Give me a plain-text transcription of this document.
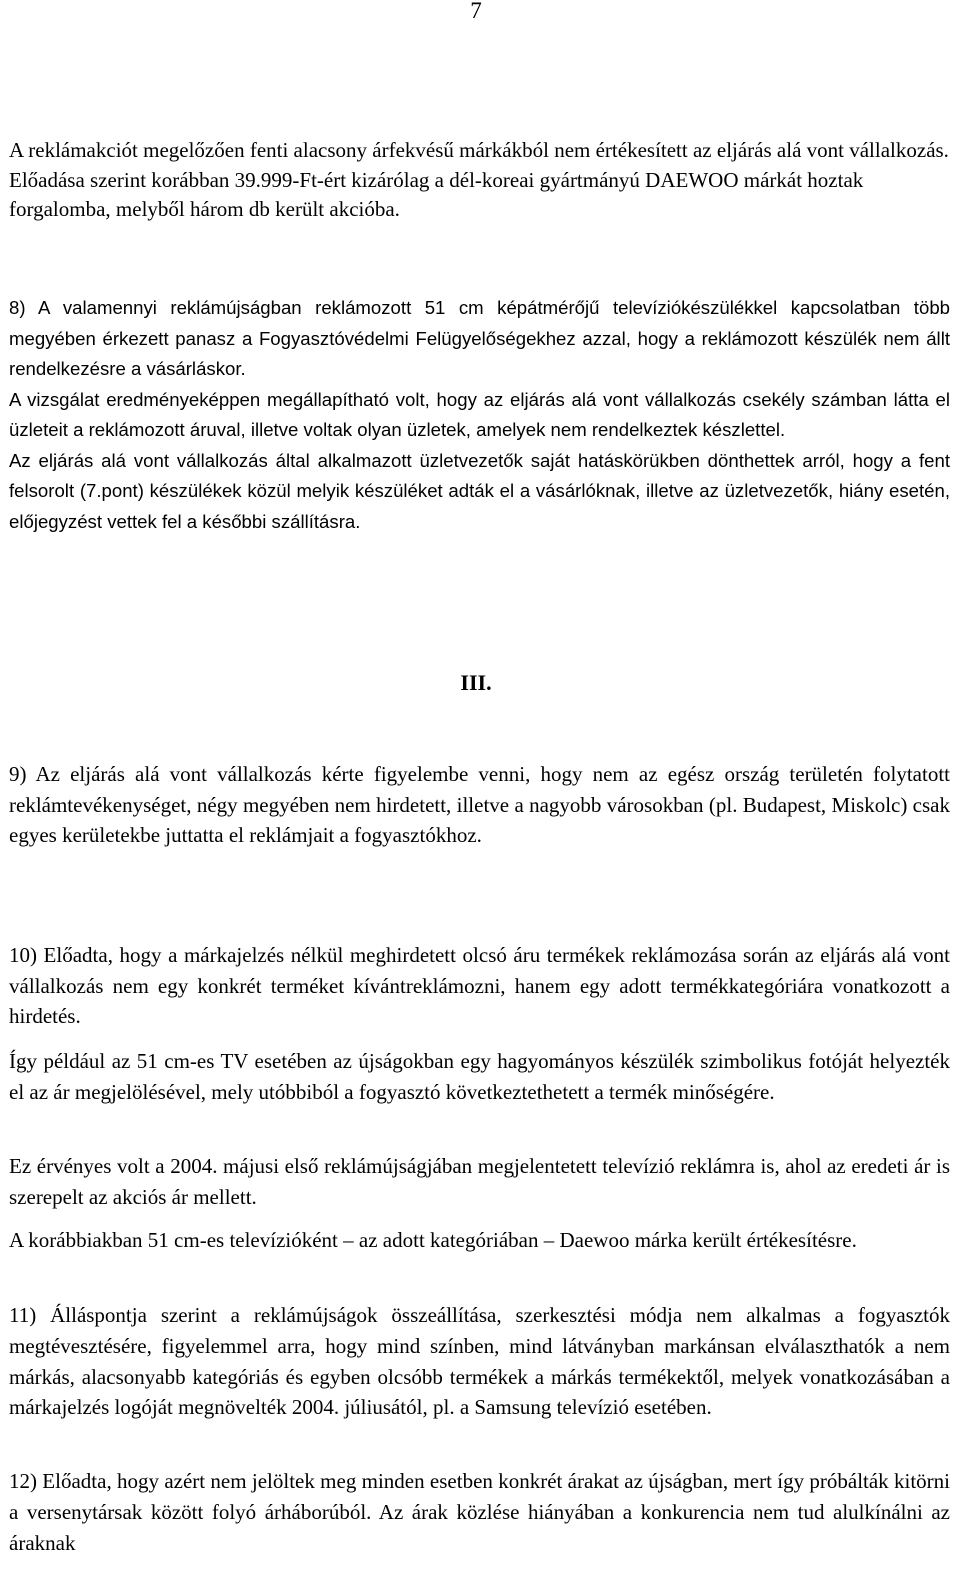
7

A reklámakciót megelőzően fenti alacsony árfekvésű márkákból nem értékesített az eljárás alá vont vállalkozás.

Előadása szerint korábban 39.999-Ft-ért kizárólag a dél-koreai gyártmányú DAEWOO márkát hoztak forgalomba, melyből három db került akcióba.

8) A valamennyi reklámújságban reklámozott 51 cm képátmérőjű televíziókészülékkel kapcsolatban több megyében érkezett panasz a Fogyasztóvédelmi Felügyelőségekhez azzal, hogy a reklámozott készülék nem állt rendelkezésre a vásárláskor.

A vizsgálat eredményeképpen megállapítható volt, hogy az eljárás alá vont vállalkozás csekély számban látta el üzleteit a reklámozott áruval, illetve voltak olyan üzletek, amelyek nem rendelkeztek készlettel.

Az eljárás alá vont vállalkozás által alkalmazott üzletvezetők saját hatáskörükben dönthettek arról, hogy a fent felsorolt (7.pont) készülékek közül melyik készüléket adták el a vásárlóknak, illetve az üzletvezetők, hiány esetén, előjegyzést vettek fel a későbbi szállításra.

III.

9) Az eljárás alá vont vállalkozás kérte figyelembe venni, hogy nem az egész ország területén folytatott reklámtevékenységet, négy megyében nem hirdetett, illetve a nagyobb városokban (pl. Budapest, Miskolc) csak egyes kerületekbe juttatta el reklámjait a fogyasztókhoz.

10) Előadta, hogy a márkajelzés nélkül meghirdetett olcsó áru termékek reklámozása során az eljárás alá vont vállalkozás nem egy konkrét terméket kívántreklámozni, hanem egy adott termékkategóriára vonatkozott a hirdetés.

Így például az 51 cm-es TV esetében az újságokban egy hagyományos készülék szimbolikus fotóját helyezték el az ár megjelölésével, mely utóbbiból a fogyasztó következtethetett a termék minőségére.

Ez érvényes volt a 2004. májusi első reklámújságjában megjelentetett televízió reklámra is, ahol az eredeti ár is szerepelt az akciós ár mellett.

A korábbiakban 51 cm-es televízióként – az adott kategóriában – Daewoo márka került értékesítésre.

11) Álláspontja szerint a reklámújságok összeállítása, szerkesztési módja nem alkalmas a fogyasztók megtévesztésére, figyelemmel arra, hogy mind színben, mind látványban markánsan elválaszthatók a nem márkás, alacsonyabb kategóriás és egyben olcsóbb termékek a márkás termékektől, melyek vonatkozásában a márkajelzés logóját megnövelték 2004. júliusától, pl. a Samsung televízió esetében.

12) Előadta, hogy azért nem jelöltek meg minden esetben konkrét árakat az újságban, mert így próbálták kitörni a versenytársak között folyó árháborúból. Az árak közlése hiányában a konkurencia nem tud alulkínálni az áraknak
